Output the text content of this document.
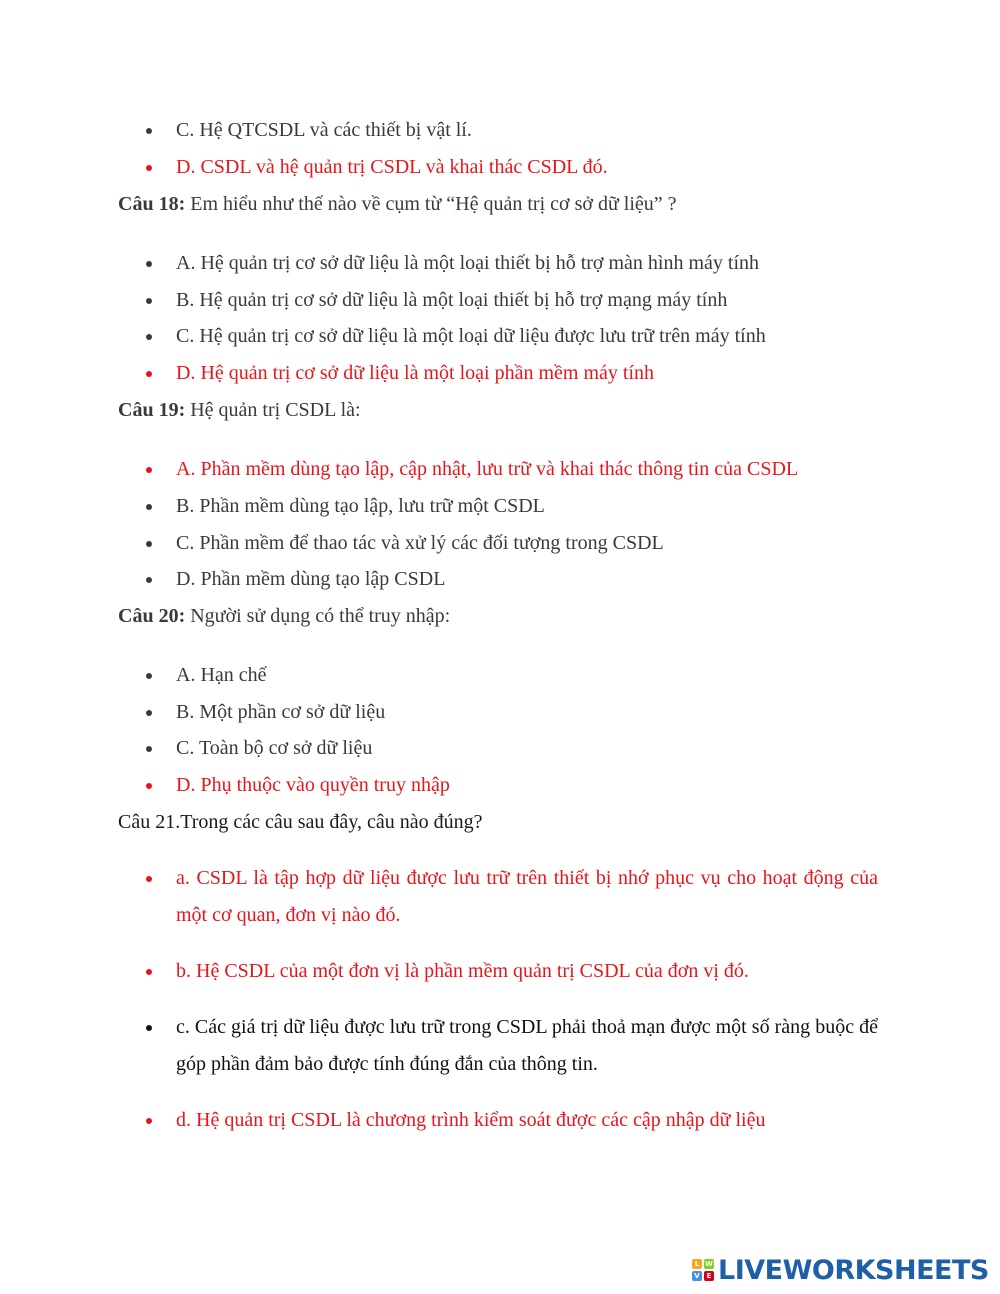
C. Hệ QTCSDL và các thiết bị vật lí.
D. CSDL và hệ quản trị CSDL và khai thác CSDL đó.
Câu 18: Em hiểu như thế nào về cụm từ “Hệ quản trị cơ sở dữ liệu” ?
A. Hệ quản trị cơ sở dữ liệu là một loại thiết bị hỗ trợ màn hình máy tính
B. Hệ quản trị cơ sở dữ liệu là một loại thiết bị hỗ trợ mạng máy tính
C. Hệ quản trị cơ sở dữ liệu là một loại dữ liệu được lưu trữ trên máy tính
D. Hệ quản trị cơ sở dữ liệu là một loại phần mềm máy tính
Câu 19: Hệ quản trị CSDL là:
A. Phần mềm dùng tạo lập, cập nhật, lưu trữ và khai thác thông tin của CSDL
B. Phần mềm dùng tạo lập, lưu trữ một CSDL
C. Phần mềm để thao tác và xử lý các đối tượng trong CSDL
D. Phần mềm dùng tạo lập CSDL
Câu 20: Người sử dụng có thể truy nhập:
A. Hạn chế
B. Một phần cơ sở dữ liệu
C. Toàn bộ cơ sở dữ liệu
D. Phụ thuộc vào quyền truy nhập
Câu 21.Trong các câu sau đây, câu nào đúng?
a. CSDL là tập hợp dữ liệu được lưu trữ trên thiết bị nhớ phục vụ cho hoạt động của một cơ quan, đơn vị nào đó.
b. Hệ CSDL của một đơn vị là phần mềm quản trị CSDL của đơn vị đó.
c. Các giá trị dữ liệu được lưu trữ trong CSDL phải thoả mạn được một số ràng buộc để góp phần đảm bảo được tính đúng đắn của thông tin.
d. Hệ quản trị CSDL là chương trình kiểm soát được các cập nhập dữ liệu
L W
V E LIVEWORKSHEETS
